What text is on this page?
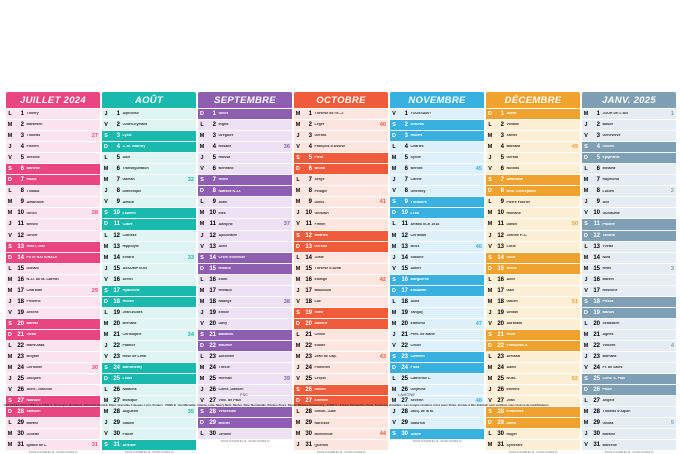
JUILLET 2024
L	1 Thierry
M	2 Martinien
M	3 Thomas	27
J	4 Florent
V	5 Antoine
S	6 Mariette
D	7 Raoul
L	8 Thibaut
M	9 Amandine
M 10 Ulrich	28
J	11 Benoit
V 12 Olivier
S 13 Henri, Joël
D 14 FÊTE NATIONALE
L 15 Donald
M 16 N.-D. du M.-Carmel
M 17 Charlotte	29
J 18 Frédéric
V 19 Arsene
S 20 Marina
D 21 Victor
L 22 Marie-Mad.
M 23 Brigitte
M 24 Christine	30
J 25 Jacques
V 26 Anne, Joachim
S 27 Nathalie
D 28 Samson
L 29 Marthe
M 30 Juliette
M 31 Ignace de L.	31
JOURS OUVRABLES 26 - JOURS OUVRÉS 22
AOÛT
J	1 Alphonse
V	2 Julien-Eymard
S	3 Lydie
D	4 J.-M. Vianney
L	5 Abel
M	6 Transfiguration
M	7 Gaetan	32
J	8 Dominique
V	9 Amour
S 10 Laurent
D 11 Claire
L 12 Clarisse
M 13 Hippolyte
M 14 Evrard	33
J 15 ASSOMPTION
V 16 Armel
S 17 Hyacinthe
D 18 Hélène
L 19 Jean-Eudes
M 20 Bernard
M 21 Christophe	34
J 22 Fabrice
V 23 Rose de Lima
S 24 Barthélemy
D 25 Louis
L 26 Natacha
M 27 Monique
M 28 Augustin	35
J 29 Sabine
V 30 Fiacre
S 31 Aristide
JOURS OUVRABLES 26 - JOURS OUVRÉS 22
SEPTEMBRE
D	1 Gilles
L	2 Ingrid
M	3 Grégoire
M	4 Rosalie	36
J	5 Raissa
V	6 Bertrand
S	7 Reine
D	8 Nativité N.-D.
L	9 Alain
M 10 Inès
M 11 Adelphe	37
J 12 Apollinaire
V 13 Aimé
S 14 Croix Glorieuse
D 15 Roland
L 16 Edith
M 17 Renaud
M 18 Nadege	38
J 19 Emilie
V 20 Davy
S 21 Matthieu
D 22 Maurice
L 23 Automne
M 24 Thecle
M 25 Herman	39
J 26 Côme, Damien
V 27 Vinc. de Paul
S 28 Venceslas
D 29 Michel
L 30 Jérôme
JOURS OUVRABLES 26 - JOURS OUVRÉS 22
OCTOBRE
M	1 Thérèse de l'E.-J.
M	2 Léger	40
J	3 Gérard
V	4 François d'Assise
S	5 Fleur
D	6 Bruno
L	7 Serge
M	8 Pélagie
M	9 Denis	41
J 10 Ghislain
V 11 Firmin
S 12 Wilfried
D 13 Géraud
L 14 Juste
M 15 Thérèse d'Avila
M 16 Edwige	42
J 17 Baudouin
V 18 Luc
S 19 René
D 20 Adeline
L 21 Céline
M 22 Elodie
M 23 Jean de Cap.	43
J 24 Florentin
V 25 Crépin
S 26 Dimitri
D 27 Émeline
L 28 Simon, Jude
M 29 Narcisse
M 30 Bienvenue	44
J 31 Quentin
JOURS OUVRABLES 26 - JOURS OUVRÉS 22
NOVEMBRE
V	1 TOUSSAINT
S	2 Défunts
D	3 Hubert
L	4 Charles
M	5 Sylvie
M	6 Bertille	45
J	7 Carine
V	8 Geoffroy
S	9 Théodore
D 10 Léon
L	11 ARMISTICE 1918
M 12 Christian
M 13 Brice	46
J 14 Sidoine
V 15 Albert
S 16 Marguerite
D 17 Elisabeth
L 18 Aude
M 19 Tanguy
M 20 Edmond	47
J 21 Prés. de Marie
V 22 Cécile
S 23 Clément
D 24 Flora
L 25 Catherine L.
M 26 Delphine
M 27 Séverin	48
J 28 Jacq. de la M.
V 29 Saturnin
S 30 André
JOURS OUVRABLES 26 - JOURS OUVRÉS 22
DÉCEMBRE
D	1 Avent
L	2 Viviane
M	3 Xavier
M	4 Barbara	49
J	5 Gérald
V	6 Nicolas
S	7 Ambroise
D	8 Imm. Conception
L	9 Pierre Fourier
M 10 Romaric
M 11 Daniel	50
J 12 Jeanne F.-C.
V 13 Lucie
S 14 Odile
D 15 Ninon
L 16 Alice
M 17 Gaël
M 18 Gatien	51
J 19 Urbain
V 20 Abraham
S 21 Hiver
D 22 Françoise-X.
L 23 Armand
M 24 Adele
M 25 NOËL	52
J 26 Etienne
V 27 Jean
S 28 Innocents
D 29 David
L 30 Roger
M 31 Sylvestre
JOURS OUVRABLES 26 - JOURS OUVRÉS 22
JANV. 2025
M	1 JOUR DE L'AN	1
J	2 Basile
V	3 Geneviève
S	4 Odilon
D	5 Epiphanie
L	6 Mélaine
M	7 Raymond
M	8 Lucien	2
J	9 Alix
V 10 Guillaume
S 11 Pauline
D 12 Tatiana
L 13 Yvette
M 14 Nina
M 15 Rémi	3
J 16 Marcel
V 17 Roseline
S 18 Prisca
D 19 Marius
L 20 Sébastien
M 21 Agnès
M 22 Vincent	4
J 23 Barnard
V 24 Fr. de Sales
S 25 Conv. S. Paul
D 26 Paule
L 27 Angèle
M 28 Thomas d'Aquin
M 29 Gildas	5
J 30 Martine
V 31 Marcelle
JOURS OUVRABLES 26 - JOURS OUVRÉS 22
FSC	LAVIGNE
VACANCES SCOLAIRES : ■ ZONE A : Besançon, Bordeaux, Clermont-Ferrand, Dijon, Grenoble, Limoges, Lyon, Poitiers - ZONE B : Aix-Marseille, Amiens, Lille, Nancy-Metz, Nantes, Nice, Normandie, Orléans-Tours, Reims, Rennes, Strasbourg - ZONE C : Créteil, Montpellier, Paris, Toulouse, Versailles • Les congés scolaires et les jours fériés, donnés à titre indicatif, sont conférés sous réserve de modifications.
